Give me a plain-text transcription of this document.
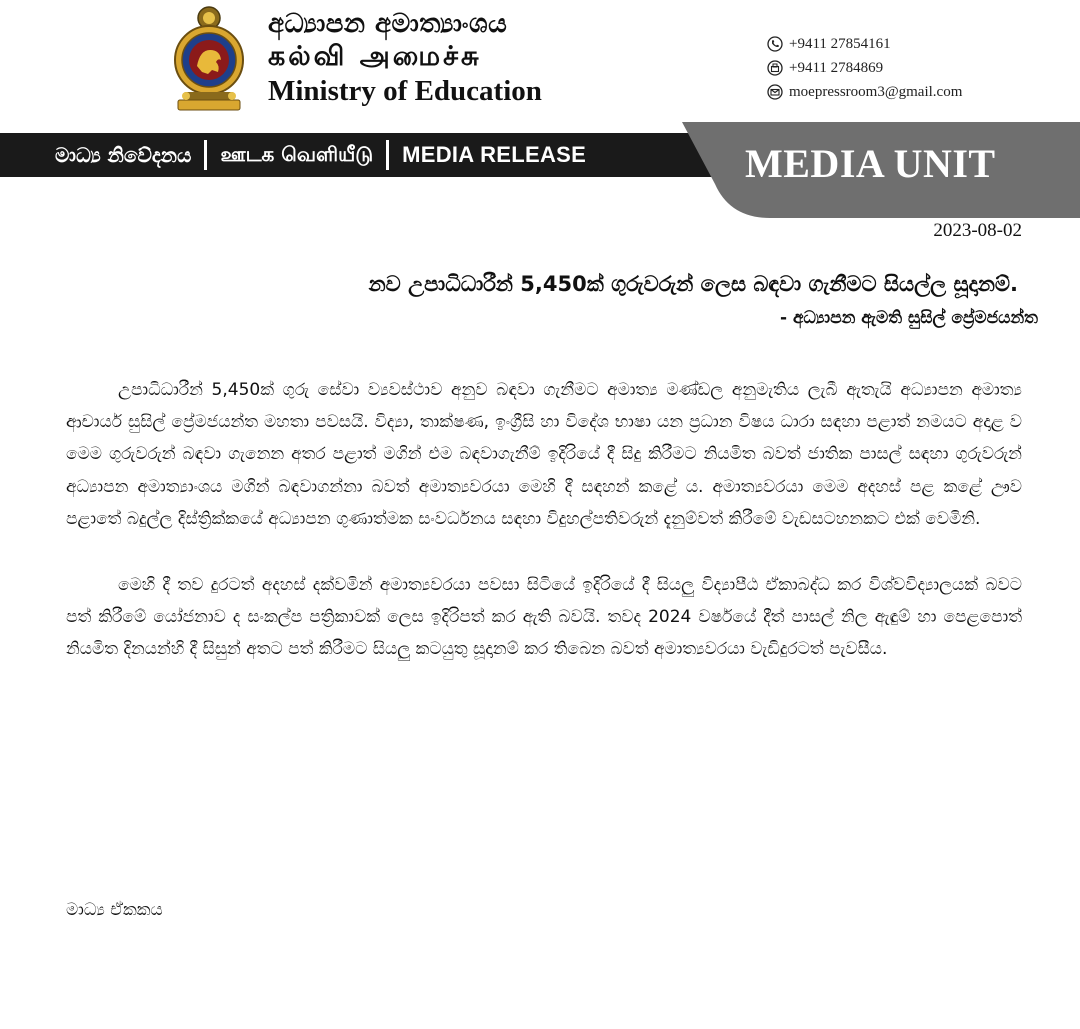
අධ්‍යාපන අමාත්‍යාංශය
கல்வி அமைச்சு
Ministry of Education
+9411 27854161
+9411 2784869
moepressroom3@gmail.com
මාධ්‍ය නිවේදනය ஊடக வெளியீடு MEDIA RELEASE	MEDIA UNIT
2023-08-02
නව උපාධිධාරීන් 5,450ක් ගුරුවරුන් ලෙස බඳවා ගැනීමට සියල්ල සූදානම්.
- අධ්‍යාපන ඇමති සුසිල් ප්‍රේමජයන්ත

උපාධිධාරීන් 5,450ක් ගුරු සේවා ව්‍යවස්ථාව අනුව බඳවා ගැනීමට අමාත්‍ය මණ්ඩල අනුමැතිය ලැබී ඇතැයි අධ්‍යාපන අමාත්‍ය ආචාර්ය සුසිල් ප්‍රේමජයන්ත මහතා පවසයි. විද්‍යා, තාක්ෂණ, ඉංග්‍රීසි හා විදේශ භාෂා යන ප්‍රධාන විෂය ධාරා සඳහා පළාත් නමයට අදාළ ව මෙම ගුරුවරුන් බඳවා ගැනෙන අතර පළාත් මගින් එම බඳවාගැනීම් ඉදිරියේ දී සිදු කිරීමට නියමිත බවත් ජාතික පාසල් සඳහා ගුරුවරුන් අධ්‍යාපන අමාත්‍යාංශය මගින් බඳවාගන්නා බවත් අමාත්‍යවරයා මෙහි දී සඳහන් කළේ ය. අමාත්‍යවරයා මෙම අදහස් පළ කළේ ඌව පළාතේ බදුල්ල දිස්ත්‍රික්කයේ අධ්‍යාපන ගුණාත්මක සංවර්ධනය සඳහා විදුහල්පතිවරුන් දැනුම්වත් කිරීමේ වැඩසටහනකට එක් වෙමිනි.

මෙහි දී තව දුරටත් අදහස් දක්වමින් අමාත්‍යවරයා පවසා සිටියේ ඉදිරියේ දී සියලු විද්‍යාපීඨ ඒකාබද්ධ කර විශ්වවිද්‍යාලයක් බවට පත් කිරීමේ යෝජනාව ද සංකල්ප පත්‍රිකාවක් ලෙස ඉදිරිපත් කර ඇති බවයි. තවද 2024 වර්ෂයේ දීත් පාසල් නිල ඇඳුම් හා පෙළපොත් නියමිත දිනයන්හි දී සිසුන් අතට පත් කිරීමට සියලු කටයුතු සූදානම් කර තිබෙන බවත් අමාත්‍යවරයා වැඩිදුරටත් පැවසීය.

මාධ්‍ය ඒකකය
